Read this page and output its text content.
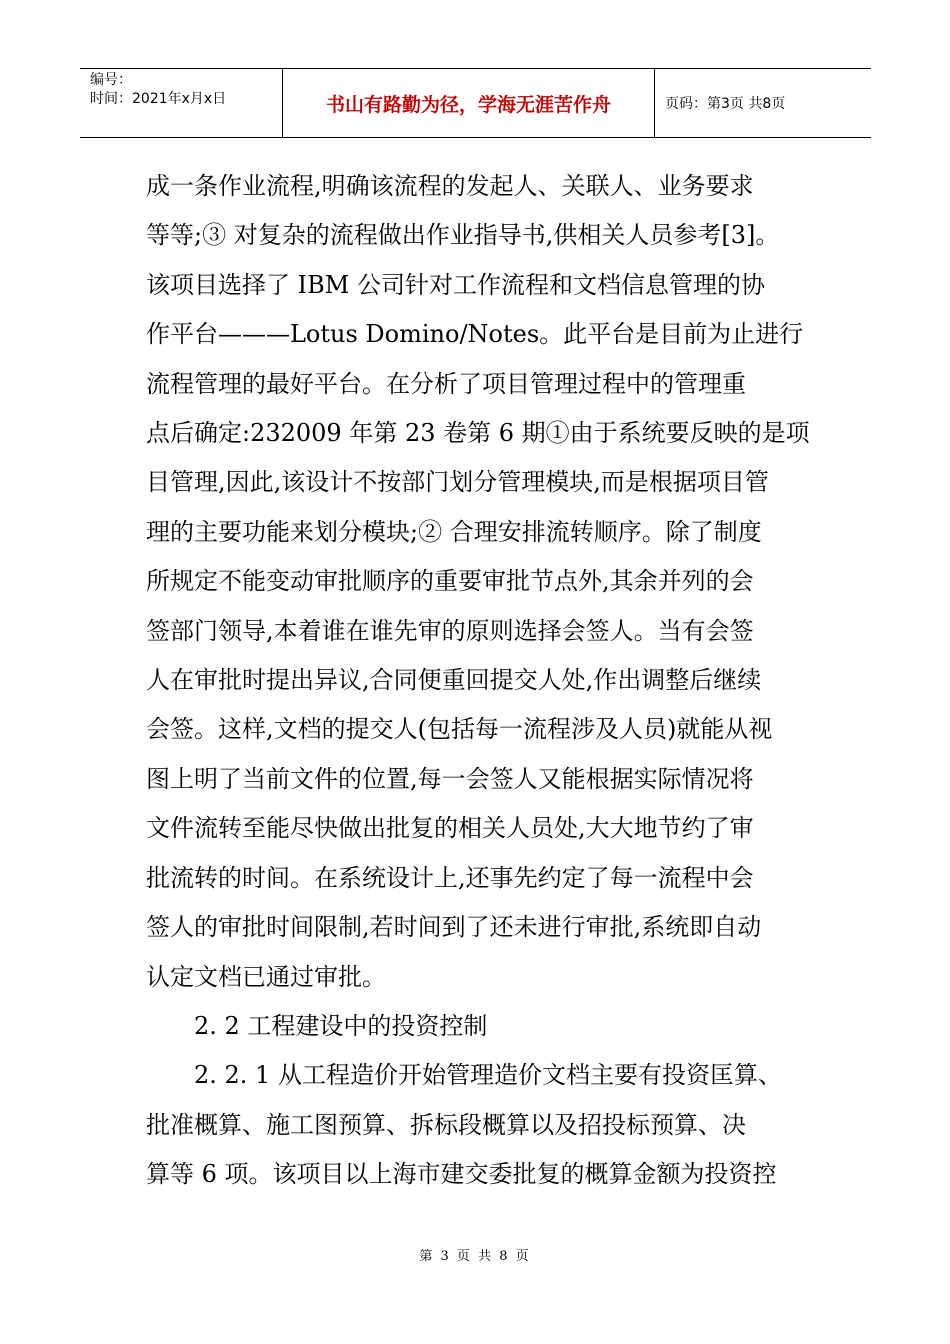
编号：
时间：2021年x月x日	书山有路勤为径，学海无涯苦作舟	页码：第3页 共8页
成一条作业流程,明确该流程的发起人、关联人、业务要求
等等;③ 对复杂的流程做出作业指导书,供相关人员参考[3]。
该项目选择了 IBM 公司针对工作流程和文档信息管理的协
作平台———Lotus Domino/Notes。此平台是目前为止进行
流程管理的最好平台。在分析了项目管理过程中的管理重
点后确定:232009 年第 23 卷第 6 期①由于系统要反映的是项
目管理,因此,该设计不按部门划分管理模块,而是根据项目管
理的主要功能来划分模块;② 合理安排流转顺序。除了制度
所规定不能变动审批顺序的重要审批节点外,其余并列的会
签部门领导,本着谁在谁先审的原则选择会签人。当有会签
人在审批时提出异议,合同便重回提交人处,作出调整后继续
会签。这样,文档的提交人(包括每一流程涉及人员)就能从视
图上明了当前文件的位置,每一会签人又能根据实际情况将
文件流转至能尽快做出批复的相关人员处,大大地节约了审
批流转的时间。在系统设计上,还事先约定了每一流程中会
签人的审批时间限制,若时间到了还未进行审批,系统即自动
认定文档已通过审批。
2. 2 工程建设中的投资控制
2. 2. 1 从工程造价开始管理造价文档主要有投资匡算、
批准概算、施工图预算、拆标段概算以及招投标预算、决
算等 6 项。该项目以上海市建交委批复的概算金额为投资控
第 3 页 共 8 页
